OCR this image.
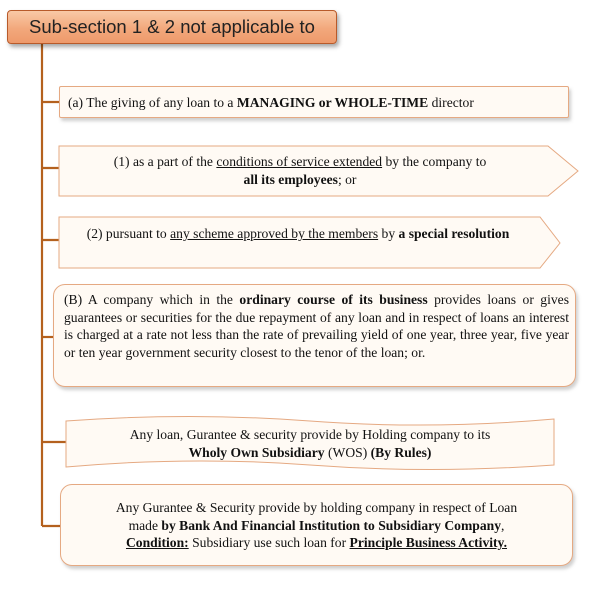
Sub-section 1 & 2 not applicable to
(a) The giving of any loan to a MANAGING or WHOLE-TIME director
(1) as a part of the conditions of service extended by the company to
all its employees; or
(2) pursuant to any scheme approved by the members by a special resolution
(B) A company which in the ordinary course of its business provides loans or gives guarantees or securities for the due repayment of any loan and in respect of loans an interest is charged at a rate not less than the rate of prevailing yield of one year, three year, five year or ten year government security closest to the tenor of the loan; or.
Any loan, Gurantee & security provide by Holding company to its
Wholy Own Subsidiary (WOS) (By Rules)
Any Gurantee & Security provide by holding company in respect of Loan
made by Bank And Financial Institution to Subsidiary Company,
Condition: Subsidiary use such loan for Principle Business Activity.
